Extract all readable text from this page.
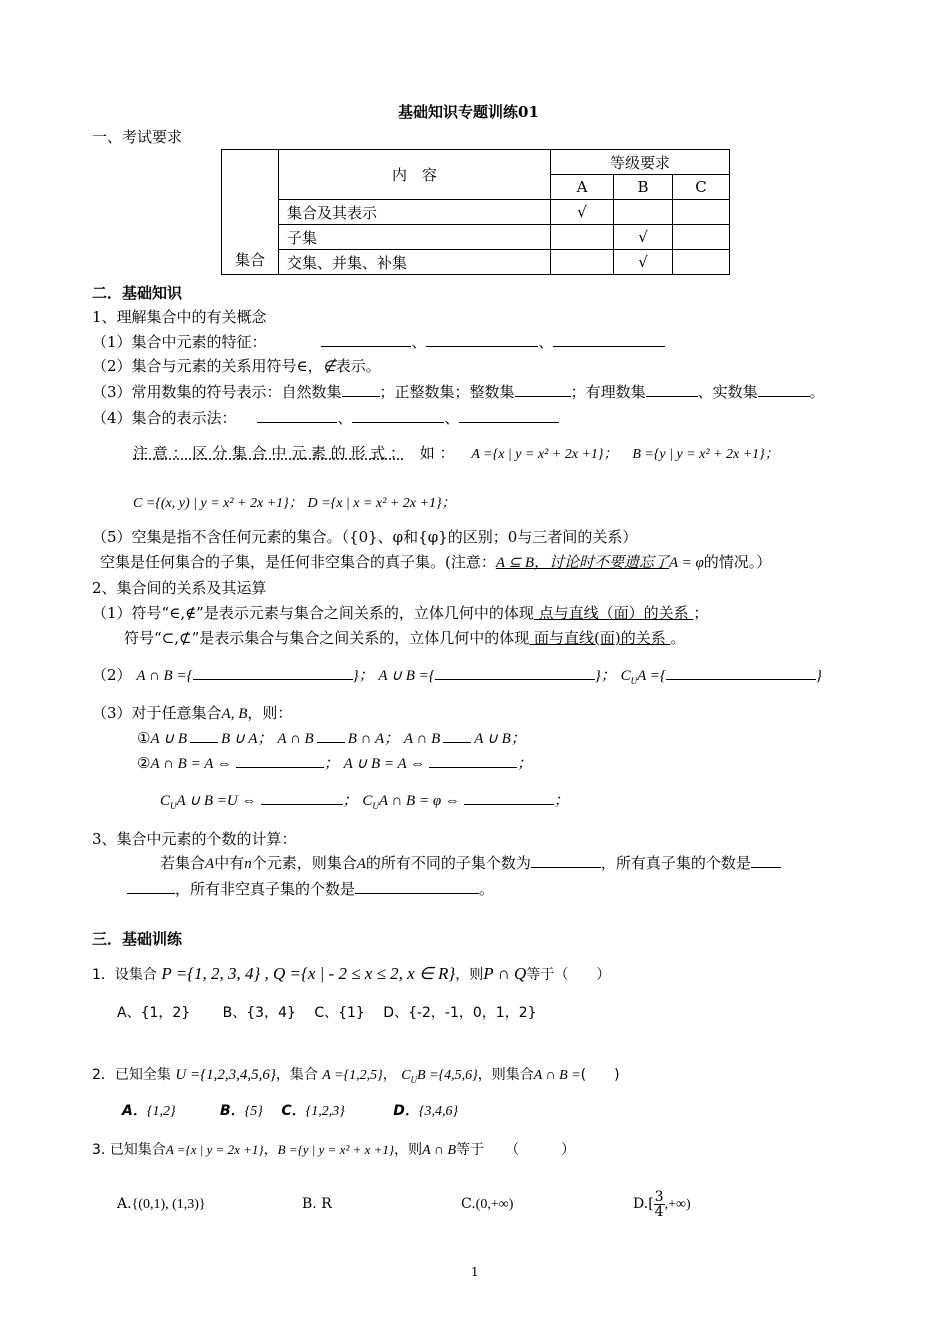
基础知识专题训练01
一、考试要求
集合	内　容	等级要求		
		A	B	C
	集合及其表示	√		
	子集		√	
	交集、并集、补集		√	
二．基础知识
1、理解集合中的有关概念
（1）集合中元素的特征：	、	、
（2）集合与元素的关系用符号∈，∉表示。
（3）常用数集的符号表示：自然数集	；正整数集；整数集	；有理数集	、实数集	。
（4）集合的表示法：	、	、
注 意 ： 区 分 集 合 中 元 素 的 形 式 ： 如 ： A ={x | y = x² + 2x +1}； B ={y | y = x² + 2x +1}；
C ={(x, y) | y = x² + 2x +1}； D ={x | x = x² + 2x +1}；
（5）空集是指不含任何元素的集合。（{0}、φ和{φ}的区别；0与三者间的关系）
空集是任何集合的子集，是任何非空集合的真子集。(注意：A ⊆ B，讨论时不要遗忘了A = φ的情况。）
2、集合间的关系及其运算
（1）符号“∈,∉”是表示元素与集合之间关系的，立体几何中的体现 点与直线（面）的关系 ；
符号“⊂,⊄”是表示集合与集合之间关系的，立体几何中的体现 面与直线(面)的关系 。
（2） A ∩ B ={	}； A ∪ B ={	}； $C_UA$ ={	}
（3）对于任意集合A, B，则：
①A ∪ B B ∪ A； A ∩ B B ∩ A； A ∩ B A ∪ B；
②A ∩ B = A ⇔	； A ∪ B = A ⇔	；
$C_UA$ ∪ B =U ⇔	； $C_UA$ ∩ B = φ ⇔	；
3、集合中元素的个数的计算：
若集合A中有n个元素，则集合A的所有不同的子集个数为	，所有真子集的个数是
，所有非空真子集的个数是	。
三．基础训练
1．设集合 P ={1, 2, 3, 4} , Q ={x | - 2 ≤ x ≤ 2, x ∈ R}，则P ∩ Q等于（　　）
A、{1，2}　　 B、{3，4}　 C、{1}　 D、{-2，-1，0，1，2}
2．已知全集 U ={1,2,3,4,5,6}，集合 A ={1,2,5}， $C_UB =\{4,5,6\}$，则集合A ∩ B =(　　)
A．{1,2}	B．{5} C．{1,2,3}	D．{3,4,6}
3. 已知集合A ={x | y = 2x +1}，B ={y | y = x² + x +1}，则A ∩ B等于　　（　　　）
A.{(0,1), (1,3)}	B. R	C.(0,+∞)	$D.[ \frac{3}{4}$ ,+∞)
1
